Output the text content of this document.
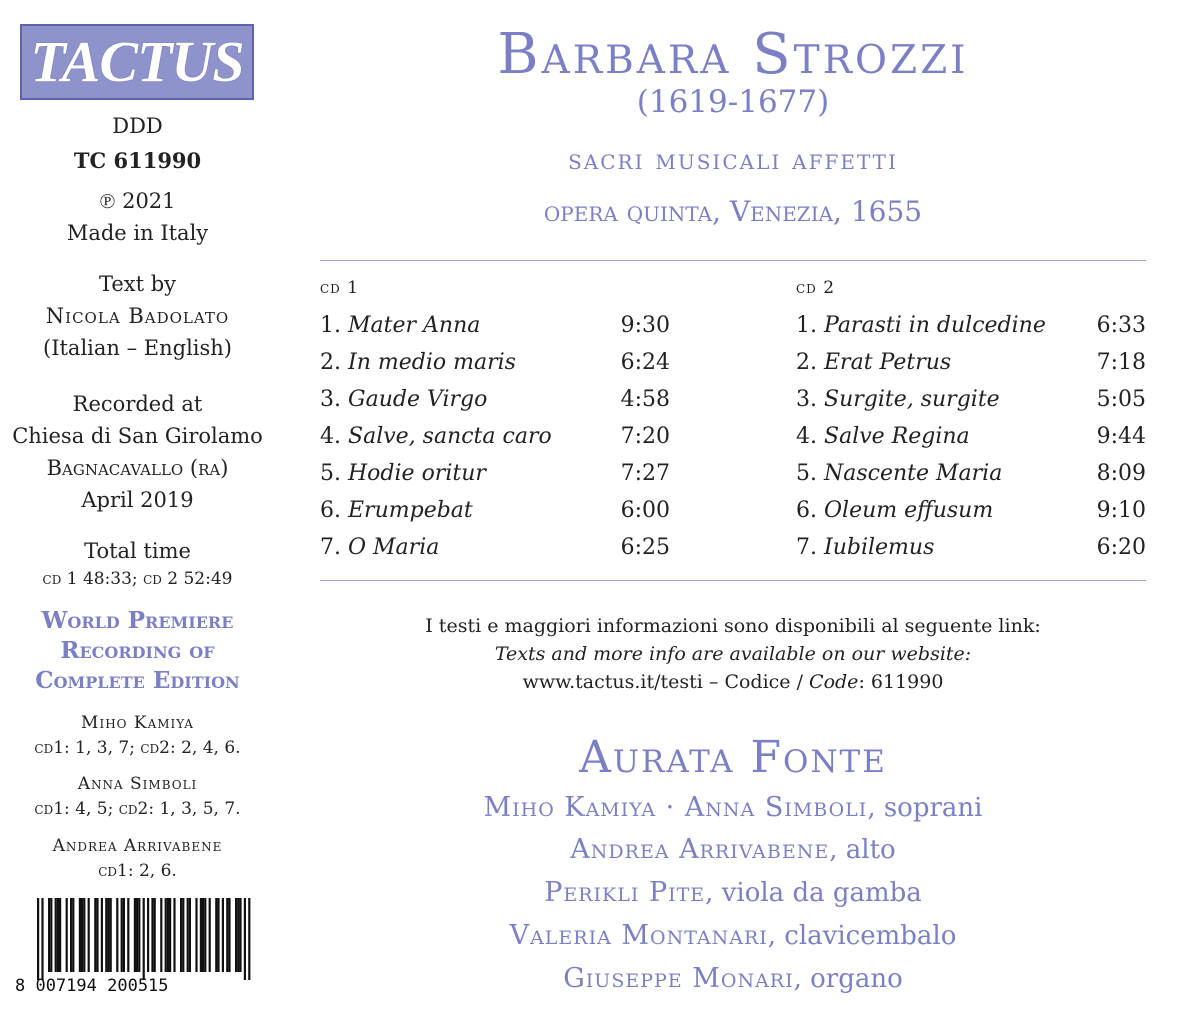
TACTUS
DDD
TC 611990
℗ 2021
Made in Italy
Text by
Nicola Badolato
(Italian – English)
Recorded at
Chiesa di San Girolamo
Bagnacavallo (ra)
April 2019
Total time
cd 1 48:33; cd 2 52:49
World Premiere
Recording of
Complete Edition
Miho Kamiya
cd1: 1, 3, 7; cd2: 2, 4, 6.
Anna Simboli
cd1: 4, 5; cd2: 1, 3, 5, 7.
Andrea Arrivabene
cd1: 2, 6.
8 007194 200515
Barbara Strozzi
(1619-1677)
sacri musicali affetti
opera quinta, Venezia, 1655
cd 1
1. Mater Anna	9:30
2. In medio maris	6:24
3. Gaude Virgo	4:58
4. Salve, sancta caro	7:20
5. Hodie oritur	7:27
6. Erumpebat	6:00
7. O Maria	6:25
cd 2
1. Parasti in dulcedine 6:33
2. Erat Petrus	7:18
3. Surgite, surgite	5:05
4. Salve Regina	9:44
5. Nascente Maria	8:09
6. Oleum effusum	9:10
7. Iubilemus	6:20
I testi e maggiori informazioni sono disponibili al seguente link:
Texts and more info are available on our website:
www.tactus.it/testi – Codice / Code: 611990
Aurata Fonte
Miho Kamiya · Anna Simboli, soprani
Andrea Arrivabene, alto
Perikli Pite, viola da gamba
Valeria Montanari, clavicembalo
Giuseppe Monari, organo
